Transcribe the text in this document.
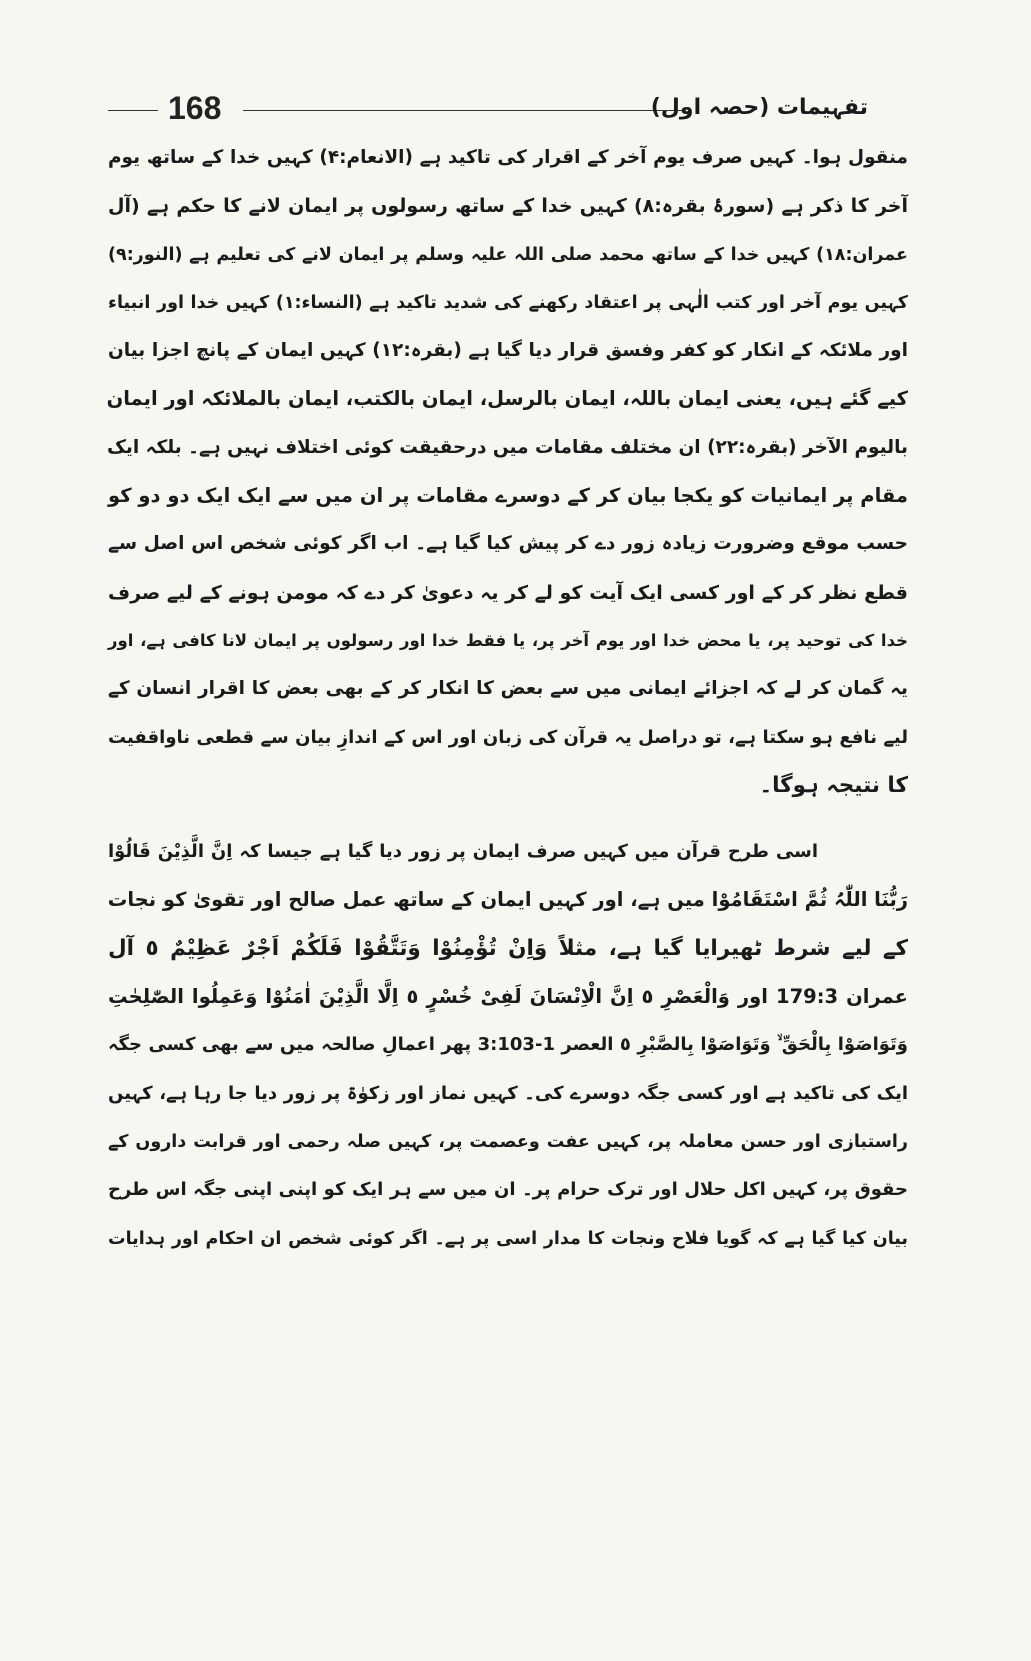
168	تفہیمات (حصہ اول)
منقول ہوا۔ کہیں صرف یوم آخر کے اقرار کی تاکید ہے (الانعام:۴) کہیں خدا کے ساتھ یوم
آخر کا ذکر ہے (سورۂ بقرہ:۸) کہیں خدا کے ساتھ رسولوں پر ایمان لانے کا حکم ہے (آل
عمران:۱۸) کہیں خدا کے ساتھ محمد صلی اللہ علیہ وسلم پر ایمان لانے کی تعلیم ہے (النور:۹)
کہیں یوم آخر اور کتب الٰہی پر اعتقاد رکھنے کی شدید تاکید ہے (النساء:۱) کہیں خدا اور انبیاء
اور ملائکہ کے انکار کو کفر وفسق قرار دیا گیا ہے (بقرہ:۱۲) کہیں ایمان کے پانچ اجزا بیان
کیے گئے ہیں، یعنی ایمان باللہ، ایمان بالرسل، ایمان بالکتب، ایمان بالملائکہ اور ایمان
بالیوم الآخر (بقرہ:۲۲) ان مختلف مقامات میں درحقیقت کوئی اختلاف نہیں ہے۔ بلکہ ایک
مقام پر ایمانیات کو یکجا بیان کر کے دوسرے مقامات پر ان میں سے ایک ایک دو دو کو
حسب موقع وضرورت زیادہ زور دے کر پیش کیا گیا ہے۔ اب اگر کوئی شخص اس اصل سے
قطع نظر کر کے اور کسی ایک آیت کو لے کر یہ دعویٰ کر دے کہ مومن ہونے کے لیے صرف
خدا کی توحید پر، یا محض خدا اور یوم آخر پر، یا فقط خدا اور رسولوں پر ایمان لانا کافی ہے، اور
یہ گمان کر لے کہ اجزائے ایمانی میں سے بعض کا انکار کر کے بھی بعض کا اقرار انسان کے
لیے نافع ہو سکتا ہے، تو دراصل یہ قرآن کی زبان اور اس کے اندازِ بیان سے قطعی ناواقفیت
کا نتیجہ ہوگا۔
اسی طرح قرآن میں کہیں صرف ایمان پر زور دیا گیا ہے جیسا کہ اِنَّ الَّذِیْنَ قَالُوْا
رَبُّنَا اللّٰہُ ثُمَّ اسْتَقَامُوْا میں ہے، اور کہیں ایمان کے ساتھ عمل صالح اور تقویٰ کو نجات
کے لیے شرط ٹھیرایا گیا ہے، مثلاً وَاِنْ تُؤْمِنُوْا وَتَتَّقُوْا فَلَکُمْ اَجْرٌ عَظِیْمٌ ٥ آل
عمران 179:3 اور وَالْعَصْرِ ٥ اِنَّ الْاِنْسَانَ لَفِیْ خُسْرٍ ٥ اِلَّا الَّذِیْنَ اٰمَنُوْا وَعَمِلُوا الصّٰلِحٰتِ
وَتَوَاصَوْا بِالْحَقِّ ۙ وَتَوَاصَوْا بِالصَّبْرِ ٥ العصر 1-3:103 پھر اعمالِ صالحہ میں سے بھی کسی جگہ
ایک کی تاکید ہے اور کسی جگہ دوسرے کی۔ کہیں نماز اور زکوٰۃ پر زور دیا جا رہا ہے، کہیں
راستبازی اور حسن معاملہ پر، کہیں عفت وعصمت پر، کہیں صلہ رحمی اور قرابت داروں کے
حقوق پر، کہیں اکل حلال اور ترک حرام پر۔ ان میں سے ہر ایک کو اپنی اپنی جگہ اس طرح
بیان کیا گیا ہے کہ گویا فلاح ونجات کا مدار اسی پر ہے۔ اگر کوئی شخص ان احکام اور ہدایات
